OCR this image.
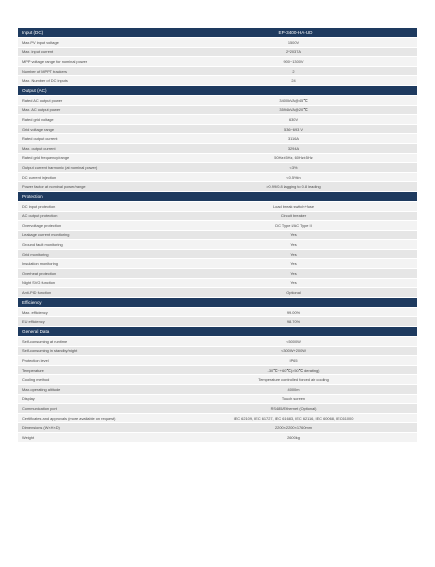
Input (DC)	EP-3400-HA-UD
Max.PV input voltage	1500V
Max. input current	2*2037A
MPP voltage range for nominal power	900~1300V
Number of MPPT trackers	2
Max. Number of DC inputs	24
Output (AC)
Rated AC output power	3400kVA@45℃
Max. AC output power	3594kVA@20℃
Rated grid voltage	630V
Grid voltage range	536~693 V
Rated output current	3116A
Max. output current	3294A
Rated grid frequency/range	50Hz±5Hz, 60Hz±5Hz
Output current harmonic (at nominal power)	<3%
DC current injection	<0.5%In
Power factor at nominal power/range	>0.99/0.8 lagging to 0.8 leading
Protection
DC input protection	Load break switch+fuse
AC output protection	Circuit breaker
Overvoltage protection	DC Type I/AC Type II
Leakage current monitoring	Yes
Ground fault monitoring	Yes
Grid monitoring	Yes
Insulation monitoring	Yes
Overheat protection	Yes
Night SVG function	Yes
Anti-PID function	Optional
Efficiency
Max. efficiency	99.00%
EU efficiency	98.70%
General Data
Self-consuming at runtime	<5000W
Self-consuming in standby/night	<300W+200W
Protection level	IP65
Temperature	-30℃~+60℃(>50℃ derating)
Cooling method	Temperature controlled forced air cooling
Max.operating altitude	4000m
Display	Touch screen
Communication port	RS485/Ethernet (Optional)
Certificates and approvals (more available on request)	IEC 62109, IEC 61727, IEC 61683, IEC 62116, IEC 60068, IEC61000
Dimensions (W×H×D)	2200×2200×1760mm
Weight	2600kg
